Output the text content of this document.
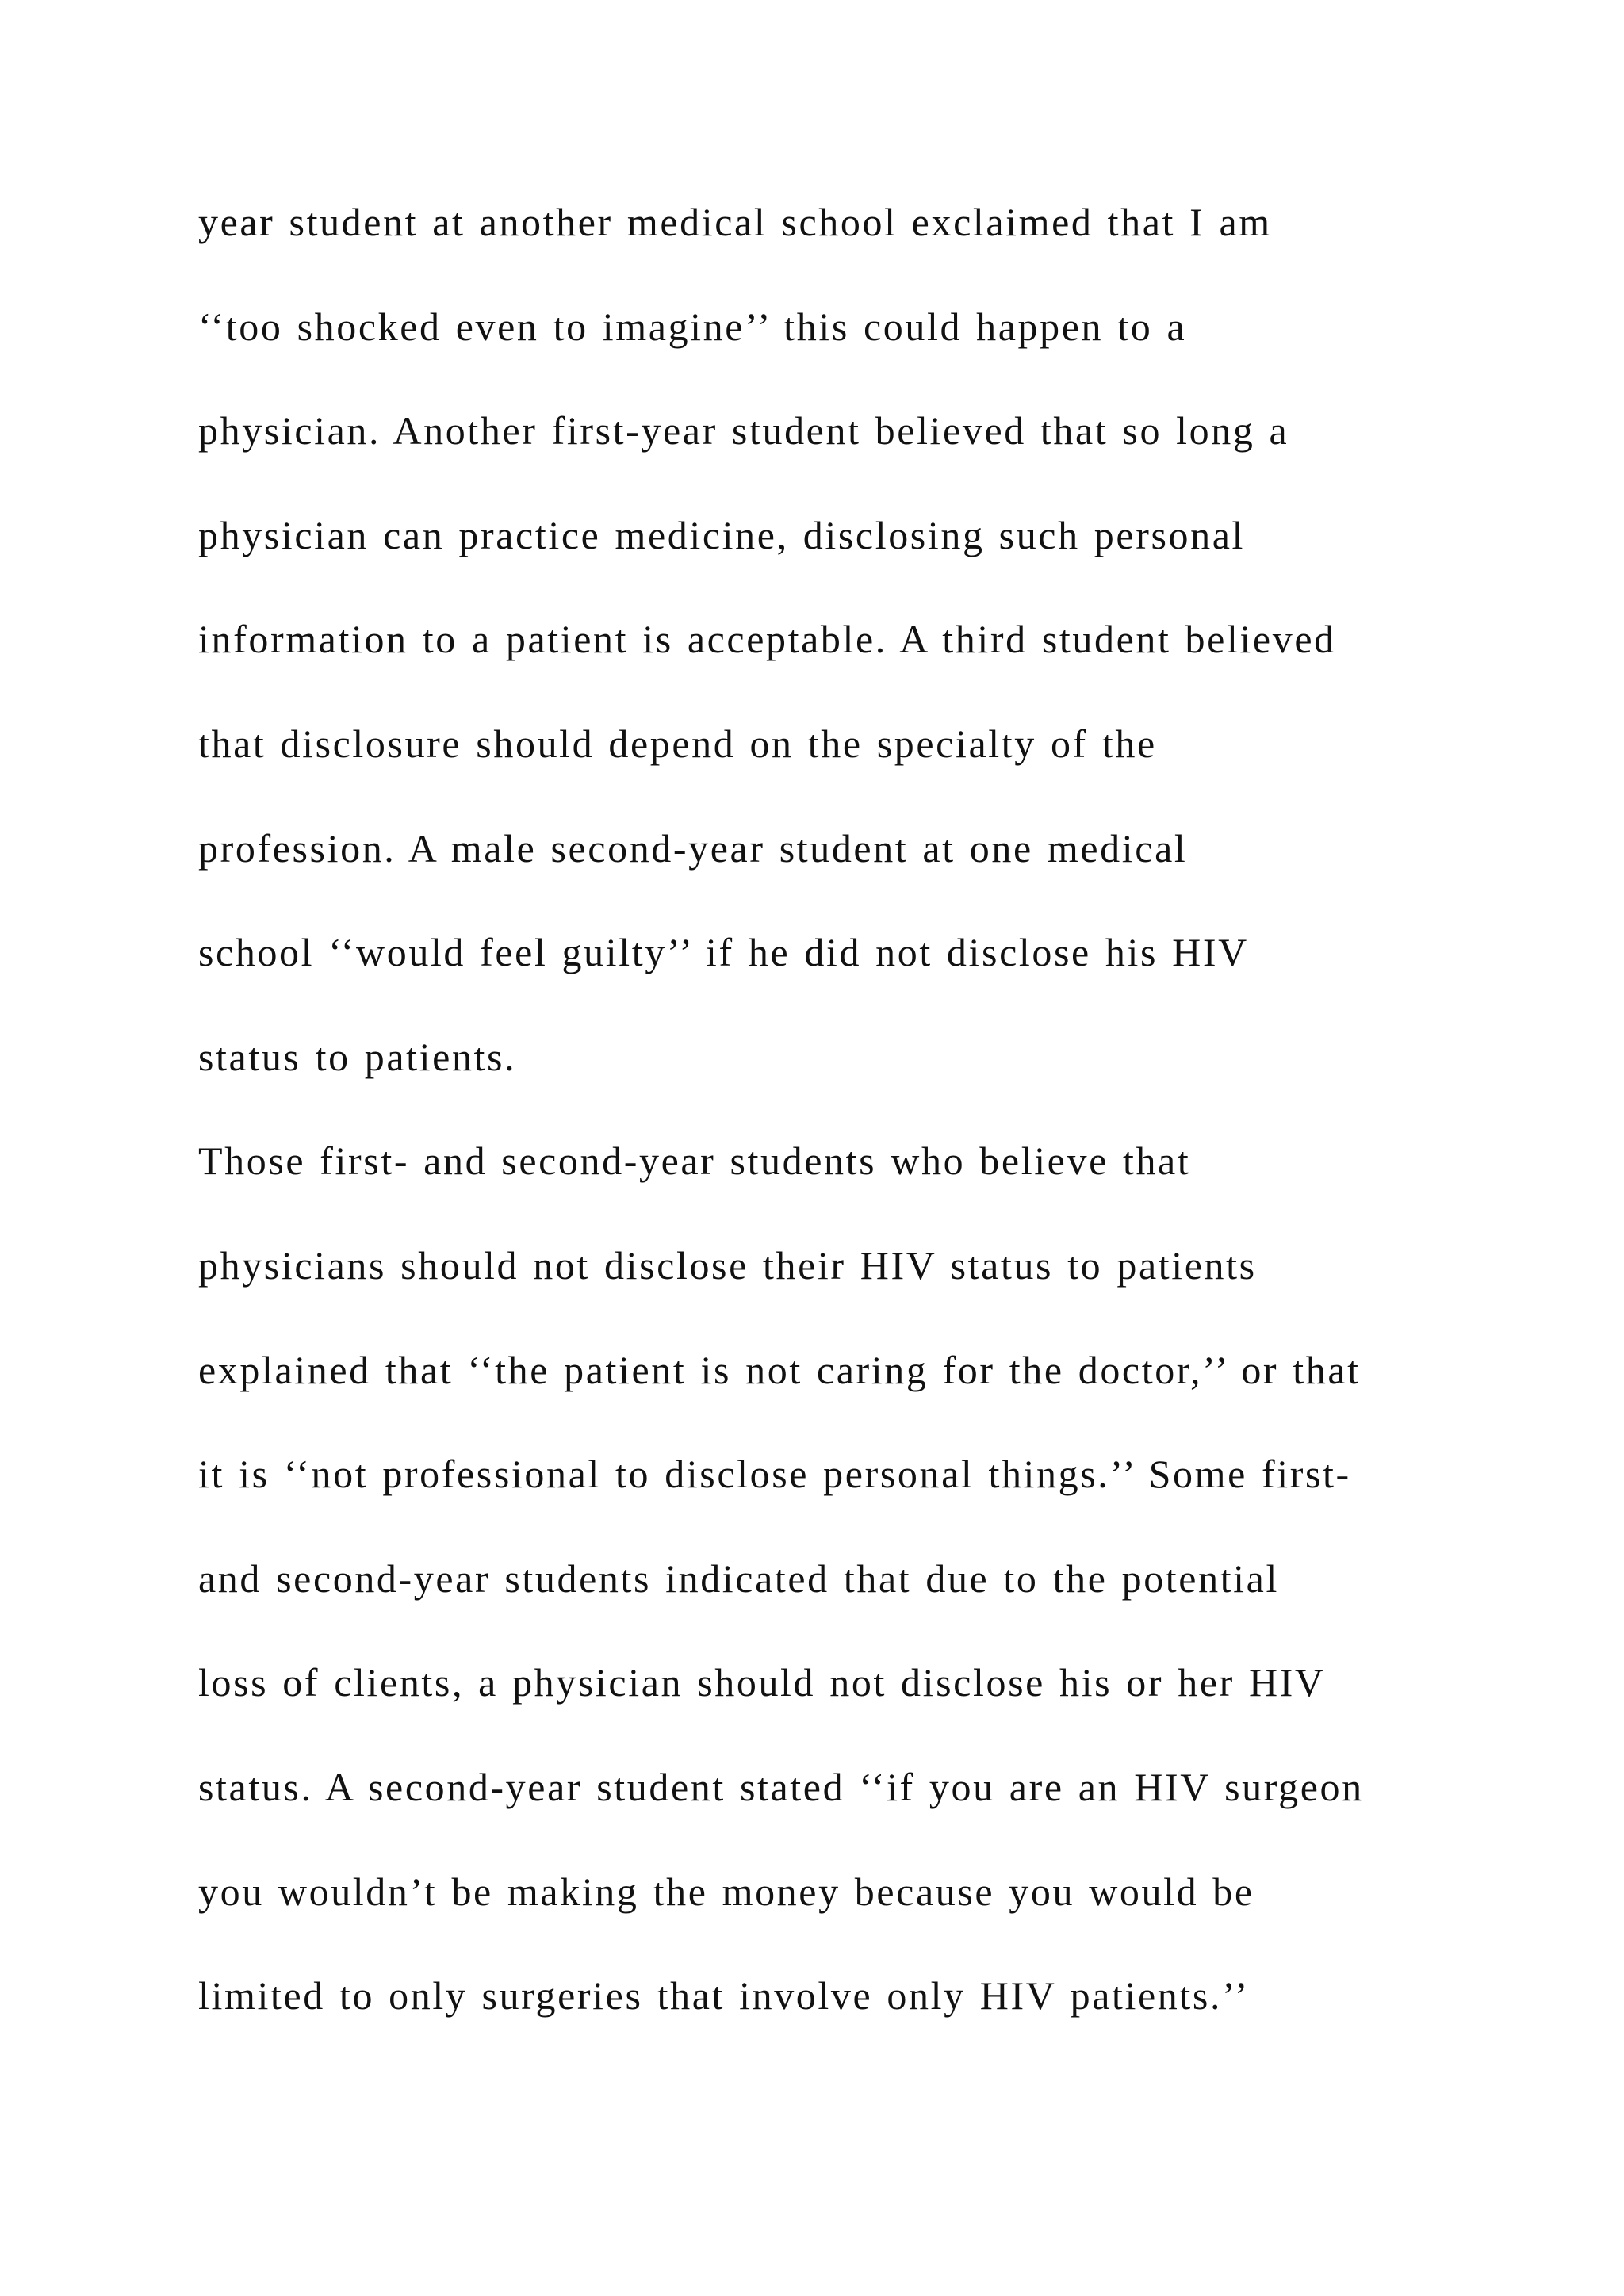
year student at another medical school exclaimed that I am
‘‘too shocked even to imagine’’ this could happen to a
physician. Another first-year student believed that so long a
physician can practice medicine, disclosing such personal
information to a patient is acceptable. A third student believed
that disclosure should depend on the specialty of the
profession. A male second-year student at one medical
school ‘‘would feel guilty’’ if he did not disclose his HIV
status to patients.
Those first- and second-year students who believe that
physicians should not disclose their HIV status to patients
explained that ‘‘the patient is not caring for the doctor,’’ or that
it is ‘‘not professional to disclose personal things.’’ Some first-
and second-year students indicated that due to the potential
loss of clients, a physician should not disclose his or her HIV
status. A second-year student stated ‘‘if you are an HIV surgeon
you wouldn’t be making the money because you would be
limited to only surgeries that involve only HIV patients.’’
